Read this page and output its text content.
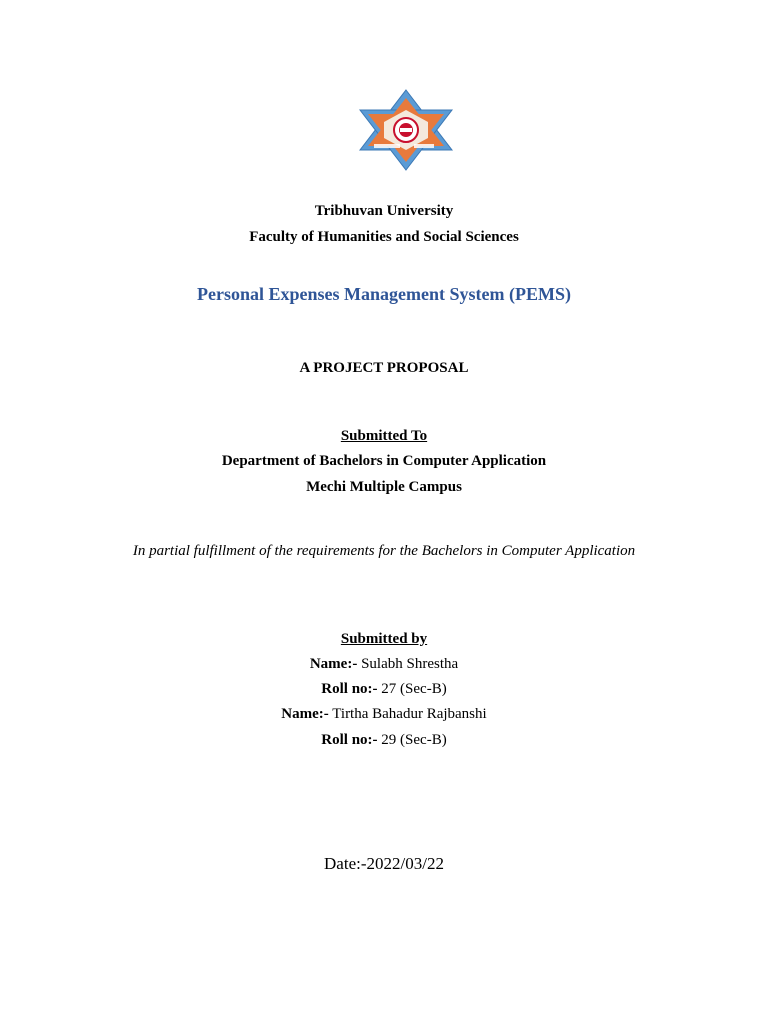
Tribhuvan University
Faculty of Humanities and Social Sciences
Personal Expenses Management System (PEMS)
A PROJECT PROPOSAL
Submitted To
Department of Bachelors in Computer Application
Mechi Multiple Campus
In partial fulfillment of the requirements for the Bachelors in Computer Application
Submitted by
Name:- Sulabh Shrestha
Roll no:- 27 (Sec-B)
Name:- Tirtha Bahadur Rajbanshi
Roll no:- 29 (Sec-B)
Date:-2022/03/22
